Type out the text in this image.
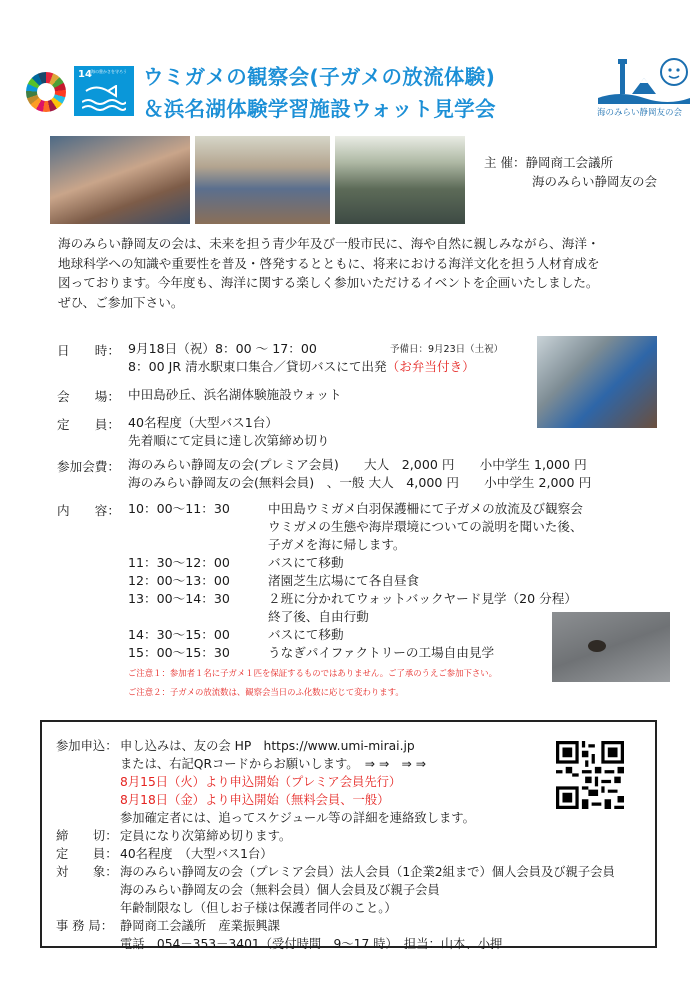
14 海の豊かさを守ろう ウミガメの観察会(子ガメの放流体験)
＆浜名湖体験学習施設ウォット見学会	海のみらい静岡友の会
主 催：静岡商工会議所
海のみらい静岡友の会
海のみらい静岡友の会は、未来を担う青少年及び一般市民に、海や自然に親しみながら、海洋・
地球科学への知識や重要性を普及・啓発するとともに、将来における海洋文化を担う人材育成を
図っております。今年度も、海洋に関する楽しく参加いただけるイベントを企画いたしました。
ぜひ、ご参加下さい。
日　　時： 9月18日（祝）8：00 ～ 17：00	予備日：9月23日（土祝）
8：00 JR 清水駅東口集合／貸切バスにて出発（お弁当付き）
会　　場： 中田島砂丘、浜名湖体験施設ウォット
定　　員： 40名程度（大型バス1台）
先着順にて定員に達し次第締め切り
参加会費： 海のみらい静岡友の会(プレミア会員)　　大人　2,000 円　　小中学生 1,000 円
海のみらい静岡友の会(無料会員)　、一般 大人　4,000 円　　小中学生 2,000 円
内　　容： 10：00～11：30	中田島ウミガメ白羽保護柵にて子ガメの放流及び観察会
ウミガメの生態や海岸環境についての説明を聞いた後、
子ガメを海に帰します。
11：30～12：00	バスにて移動
12：00～13：00	渚園芝生広場にて各自昼食
13：00～14：30	２班に分かれてウォットバックヤード見学（20 分程）
終了後、自由行動
14：30～15：00	バスにて移動
15：00～15：30	うなぎパイファクトリーの工場自由見学
ご注意１：参加者１名に子ガメ１匹を保証するものではありません。ご了承のうえご参加下さい。
ご注意２：子ガメの放流数は、観察会当日のふ化数に応じて変わります。
参加申込： 申し込みは、友の会 HP　https://www.umi-mirai.jp
または、右記QRコードからお願いします。　⇒ ⇒　⇒ ⇒
8月15日（火）より申込開始（プレミア会員先行）
8月18日（金）より申込開始（無料会員、一般）
参加確定者には、追ってスケジュール等の詳細を連絡致します。
締　　切： 定員になり次第締め切ります。
定　　員： 40名程度　（大型バス1台）
対　　象： 海のみらい静岡友の会（プレミア会員）法人会員（1企業2組まで）個人会員及び親子会員
海のみらい静岡友の会（無料会員）個人会員及び親子会員
年齢制限なし（但しお子様は保護者同伴のこと。）
事 務 局： 静岡商工会議所　産業振興課
電話　054－353－3401（受付時間　9～17 時）　担当：山本、小押
